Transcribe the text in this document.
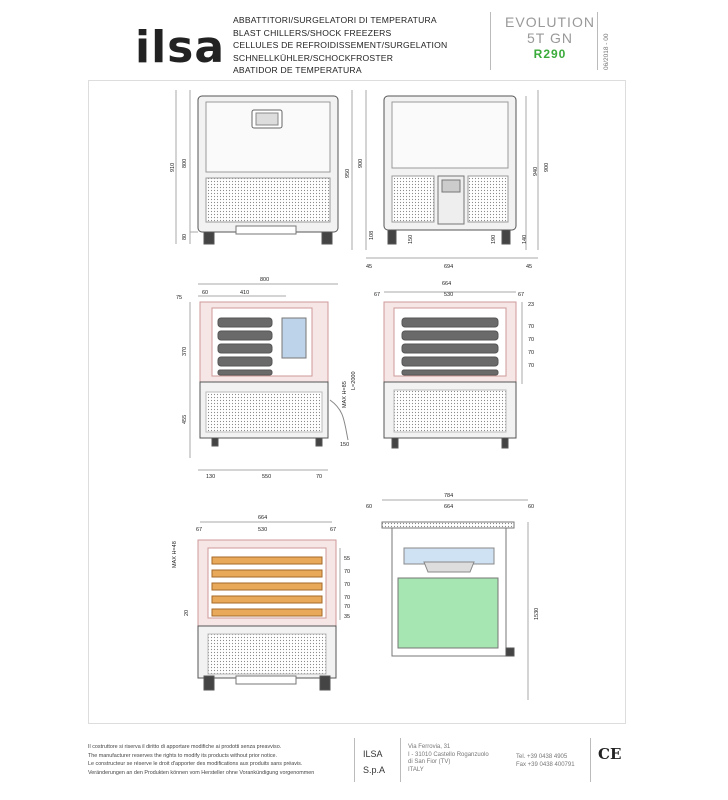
ilsa
ABBATTITORI/SURGELATORI DI TEMPERATURA
BLAST CHILLERS/SHOCK FREEZERS
CELLULES DE REFROIDISSEMENT/SURGELATION
SCHNELLKÜHLER/SCHOCKFROSTER
ABATIDOR DE TEMPERATURA
EVOLUTION
5T GN
R290	06/2018 - 00
800
910
80
950
900
940 900
108	150	190	140
45	694	45
800
60	410
75
370
455
150
130	550	70
L=2000
MAX H=85
67
664
67
530
23
70
70
70
70
664
530
67	67
55
70
70
70
70
35
20
MAX H=48
784
60	664	60
1530
Il costruttore si riserva il diritto di apportare modifiche ai prodotti senza preavviso.
The manufacturer reserves the rights to modify its products without prior notice.
Le constructeur se réserve le droit d'apporter des modifications aux produits sans préavis.
Veränderungen an den Produkten können vom Hersteller ohne Vorankündigung vorgenommen
ILSA
S.p.A
Via Ferrovia, 31
I - 31010 Castello Roganzuolo
di San Fior (TV)
ITALY
Tel. +39 0438 4905
Fax +39 0438 400791
CE
